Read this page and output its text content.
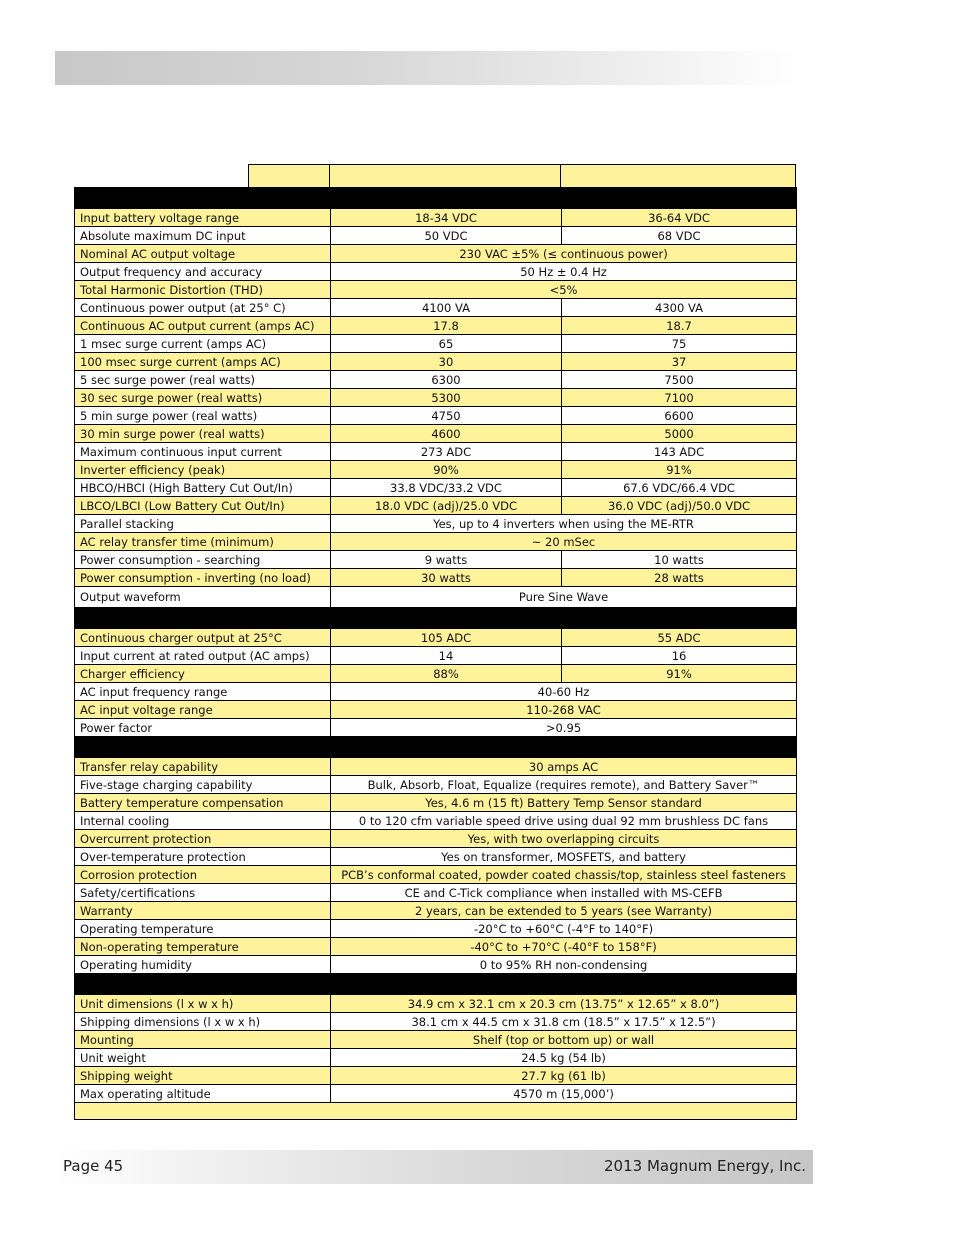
Input battery voltage range	18-34 VDC	36-64 VDC
Absolute maximum DC input	50 VDC	68 VDC
Nominal AC output voltage	230 VAC ±5% (≤ continuous power)	
Output frequency and accuracy	50 Hz ± 0.4 Hz	
Total Harmonic Distortion (THD)	<5%	
Continuous power output (at 25° C)	4100 VA	4300 VA
Continuous AC output current (amps AC)	17.8	18.7
1 msec surge current (amps AC)	65	75
100 msec surge current (amps AC)	30	37
5 sec surge power (real watts)	6300	7500
30 sec surge power (real watts)	5300	7100
5 min surge power (real watts)	4750	6600
30 min surge power (real watts)	4600	5000
Maximum continuous input current	273 ADC	143 ADC
Inverter efficiency (peak)	90%	91%
HBCO/HBCI (High Battery Cut Out/In)	33.8 VDC/33.2 VDC	67.6 VDC/66.4 VDC
LBCO/LBCI (Low Battery Cut Out/In)	18.0 VDC (adj)/25.0 VDC	36.0 VDC (adj)/50.0 VDC
Parallel stacking	Yes, up to 4 inverters when using the ME-RTR	
AC relay transfer time (minimum)	~ 20 mSec	
Power consumption - searching	9 watts	10 watts
Power consumption - inverting (no load)	30 watts	28 watts
Output waveform	Pure Sine Wave	

Continuous charger output at 25°C	105 ADC	55 ADC
Input current at rated output (AC amps)	14	16
Charger efficiency	88%	91%
AC input frequency range	40-60 Hz	
AC input voltage range	110-268 VAC	
Power factor	>0.95	

Transfer relay capability	30 amps AC	
Five-stage charging capability	Bulk, Absorb, Float, Equalize (requires remote), and Battery Saver™	
Battery temperature compensation	Yes, 4.6 m (15 ft) Battery Temp Sensor standard	
Internal cooling	0 to 120 cfm variable speed drive using dual 92 mm brushless DC fans	
Overcurrent protection	Yes, with two overlapping circuits	
Over-temperature protection	Yes on transformer, MOSFETS, and battery	
Corrosion protection	PCB’s conformal coated, powder coated chassis/top, stainless steel fasteners	
Safety/certifications	CE and C-Tick compliance when installed with MS-CEFB	
Warranty	2 years, can be extended to 5 years (see Warranty)	
Operating temperature	-20°C to +60°C (-4°F to 140°F)	
Non-operating temperature	-40°C to +70°C (-40°F to 158°F)	
Operating humidity	0 to 95% RH non-condensing	

Unit dimensions (l x w x h)	34.9 cm x 32.1 cm x 20.3 cm (13.75” x 12.65” x 8.0”)	
Shipping dimensions (l x w x h)	38.1 cm x 44.5 cm x 31.8 cm (18.5” x 17.5” x 12.5”)	
Mounting	Shelf (top or bottom up) or wall	
Unit weight	24.5 kg (54 lb)	
Shipping weight	27.7 kg (61 lb)	
Max operating altitude	4570 m (15,000’)	

Page 45	2013 Magnum Energy, Inc.
